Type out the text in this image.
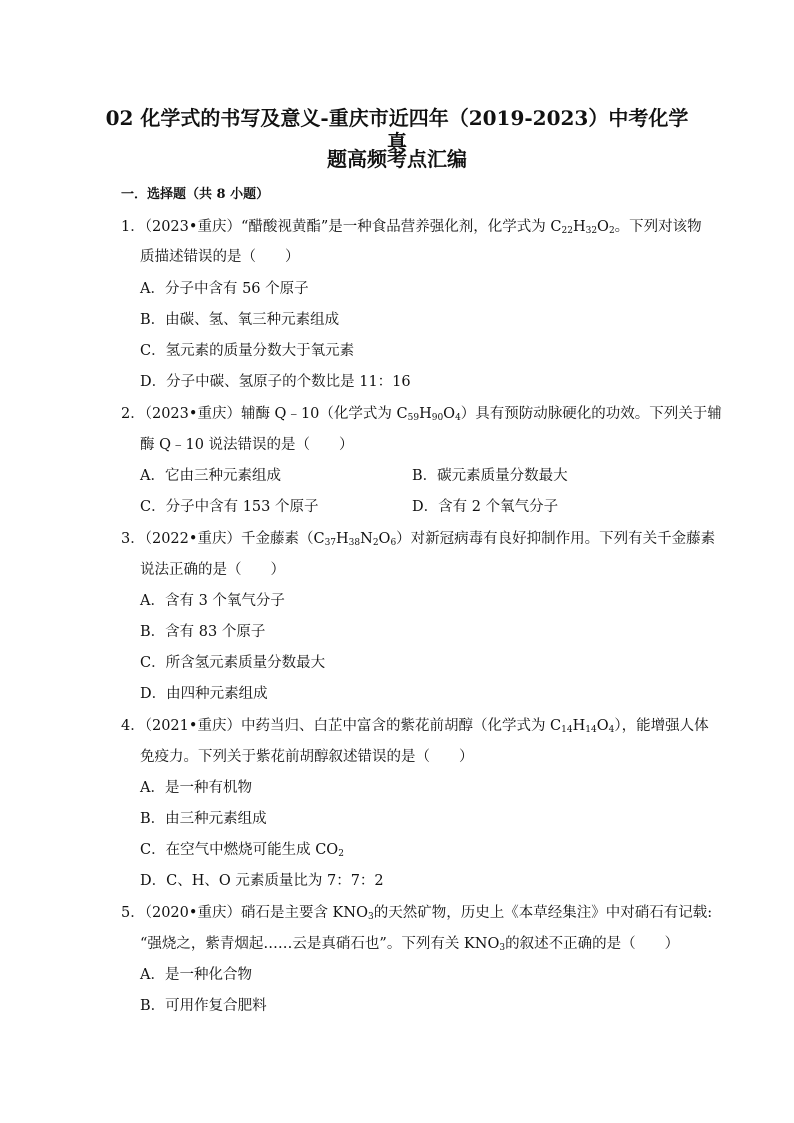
02 化学式的书写及意义-重庆市近四年（2019-2023）中考化学真
题高频考点汇编
一．选择题（共 8 小题）
1．（2023•重庆）“醋酸视黄酯”是一种食品营养强化剂，化学式为 $C_{22}H_{32}O_2$。下列对该物
质描述错误的是（　　）
A．分子中含有 56 个原子
B．由碳、氢、氧三种元素组成
C．氢元素的质量分数大于氧元素
D．分子中碳、氢原子的个数比是 11：16
2．（2023•重庆）辅酶 Q﹣10（化学式为 $C_{59}H_{90}O_4$）具有预防动脉硬化的功效。下列关于辅
酶 Q﹣10 说法错误的是（　　）
A．它由三种元素组成	B．碳元素质量分数最大
C．分子中含有 153 个原子	D．含有 2 个氧气分子
3．（2022•重庆）千金藤素$(C_{37}H_{38}N_2O_6)$对新冠病毒有良好抑制作用。下列有关千金藤素
说法正确的是（　　）
A．含有 3 个氧气分子
B．含有 83 个原子
C．所含氢元素质量分数最大
D．由四种元素组成
4．（2021•重庆）中药当归、白芷中富含的紫花前胡醇（化学式为 $C_{14}H_{14}O_4$），能增强人体
免疫力。下列关于紫花前胡醇叙述错误的是（　　）
A．是一种有机物
B．由三种元素组成
C．在空气中燃烧可能生成 $CO_2$
D．C、H、O 元素质量比为 7：7：2
5．（2020•重庆）硝石是主要含 $KNO_3$的天然矿物，历史上《本草经集注》中对硝石有记载:
“强烧之，紫青烟起……云是真硝石也”。下列有关 $KNO_3$的叙述不正确的是（　　）
A．是一种化合物
B．可用作复合肥料
